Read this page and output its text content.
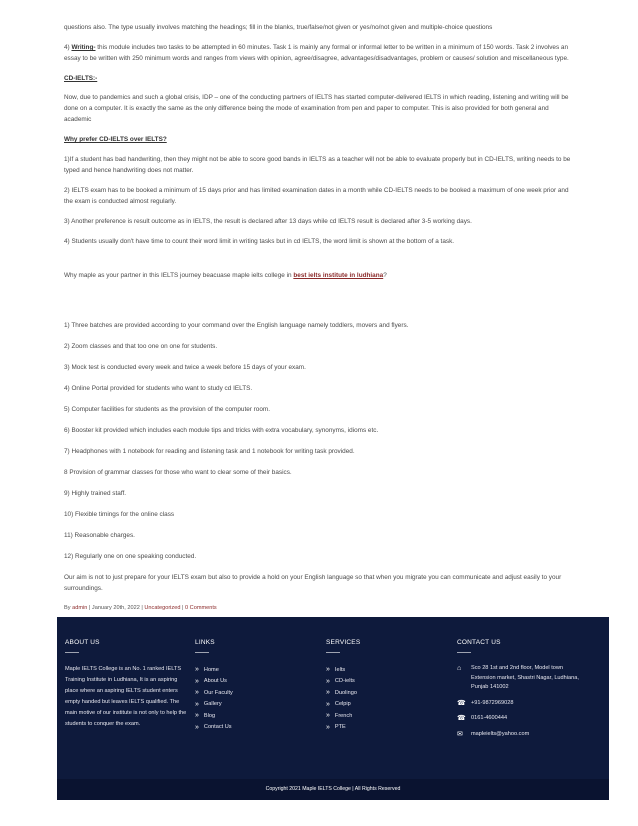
questions also. The type usually involves matching the headings; fill in the blanks, true/false/not given or yes/no/not given and multiple-choice questions

4) Writing- this module includes two tasks to be attempted in 60 minutes. Task 1 is mainly any formal or informal letter to be written in a minimum of 150 words. Task 2 involves an essay to be written with 250 minimum words and ranges from views with opinion, agree/disagree, advantages/disadvantages, problem or causes/ solution and miscellaneous type.

CD-IELTS:-

Now, due to pandemics and such a global crisis, IDP – one of the conducting partners of IELTS has started computer-delivered IELTS in which reading, listening and writing will be done on a computer. It is exactly the same as the only difference being the mode of examination from pen and paper to computer. This is also provided for both general and academic

Why prefer CD-IELTS over IELTS?

1)If a student has bad handwriting, then they might not be able to score good bands in IELTS as a teacher will not be able to evaluate properly but in CD-IELTS, writing needs to be typed and hence handwriting does not matter.

2) IELTS exam has to be booked a minimum of 15 days prior and has limited examination dates in a month while CD-IELTS needs to be booked a maximum of one week prior and the exam is conducted almost regularly.

3) Another preference is result outcome as in IELTS, the result is declared after 13 days while cd IELTS result is declared after 3-5 working days.

4) Students usually don't have time to count their word limit in writing tasks but in cd IELTS, the word limit is shown at the bottom of a task.

Why maple as your partner in this IELTS journey beacuase maple ielts college in best ielts institute in ludhiana?

1) Three batches are provided according to your command over the English language namely toddlers, movers and flyers.

2) Zoom classes and that too one on one for students.

3) Mock test is conducted every week and twice a week before 15 days of your exam.

4) Online Portal provided for students who want to study cd IELTS.

5) Computer facilities for students as the provision of the computer room.

6) Booster kit provided which includes each module tips and tricks with extra vocabulary, synonyms, idioms etc.

7) Headphones with 1 notebook for reading and listening task and 1 notebook for writing task provided.

8 Provision of grammar classes for those who want to clear some of their basics.

9) Highly trained staff.

10) Flexible timings for the online class

11) Reasonable charges.

12) Regularly one on one speaking conducted.

Our aim is not to just prepare for your IELTS exam but also to provide a hold on your English language so that when you migrate you can communicate and adjust easily to your surroundings.

By admin | January 20th, 2022 | Uncategorized | 0 Comments
ABOUT US
Maple IELTS College is an No. 1 ranked IELTS Training Institute in Ludhiana, It is an aspiring place where an aspiring IELTS student enters empty handed but leaves IELTS qualified. The main motive of our institute is not only to help the students to conquer the exam.
LINKS
» Home
» About Us
» Our Faculty
» Gallery
» Blog
» Contact Us
SERVICES
» Ielts
» CD-ielts
» Duolingo
» Celpip
» French
» PTE
CONTACT US
⌂	Sco 28 1st and 2nd floor, Model town Extension market, Shastri Nagar, Ludhiana, Punjab 141002
☎ +91-9872969028
☎ 0161-4600444
✉	mapleielts@yahoo.com
Copyright 2021 Maple IELTS College | All Rights Reserved
